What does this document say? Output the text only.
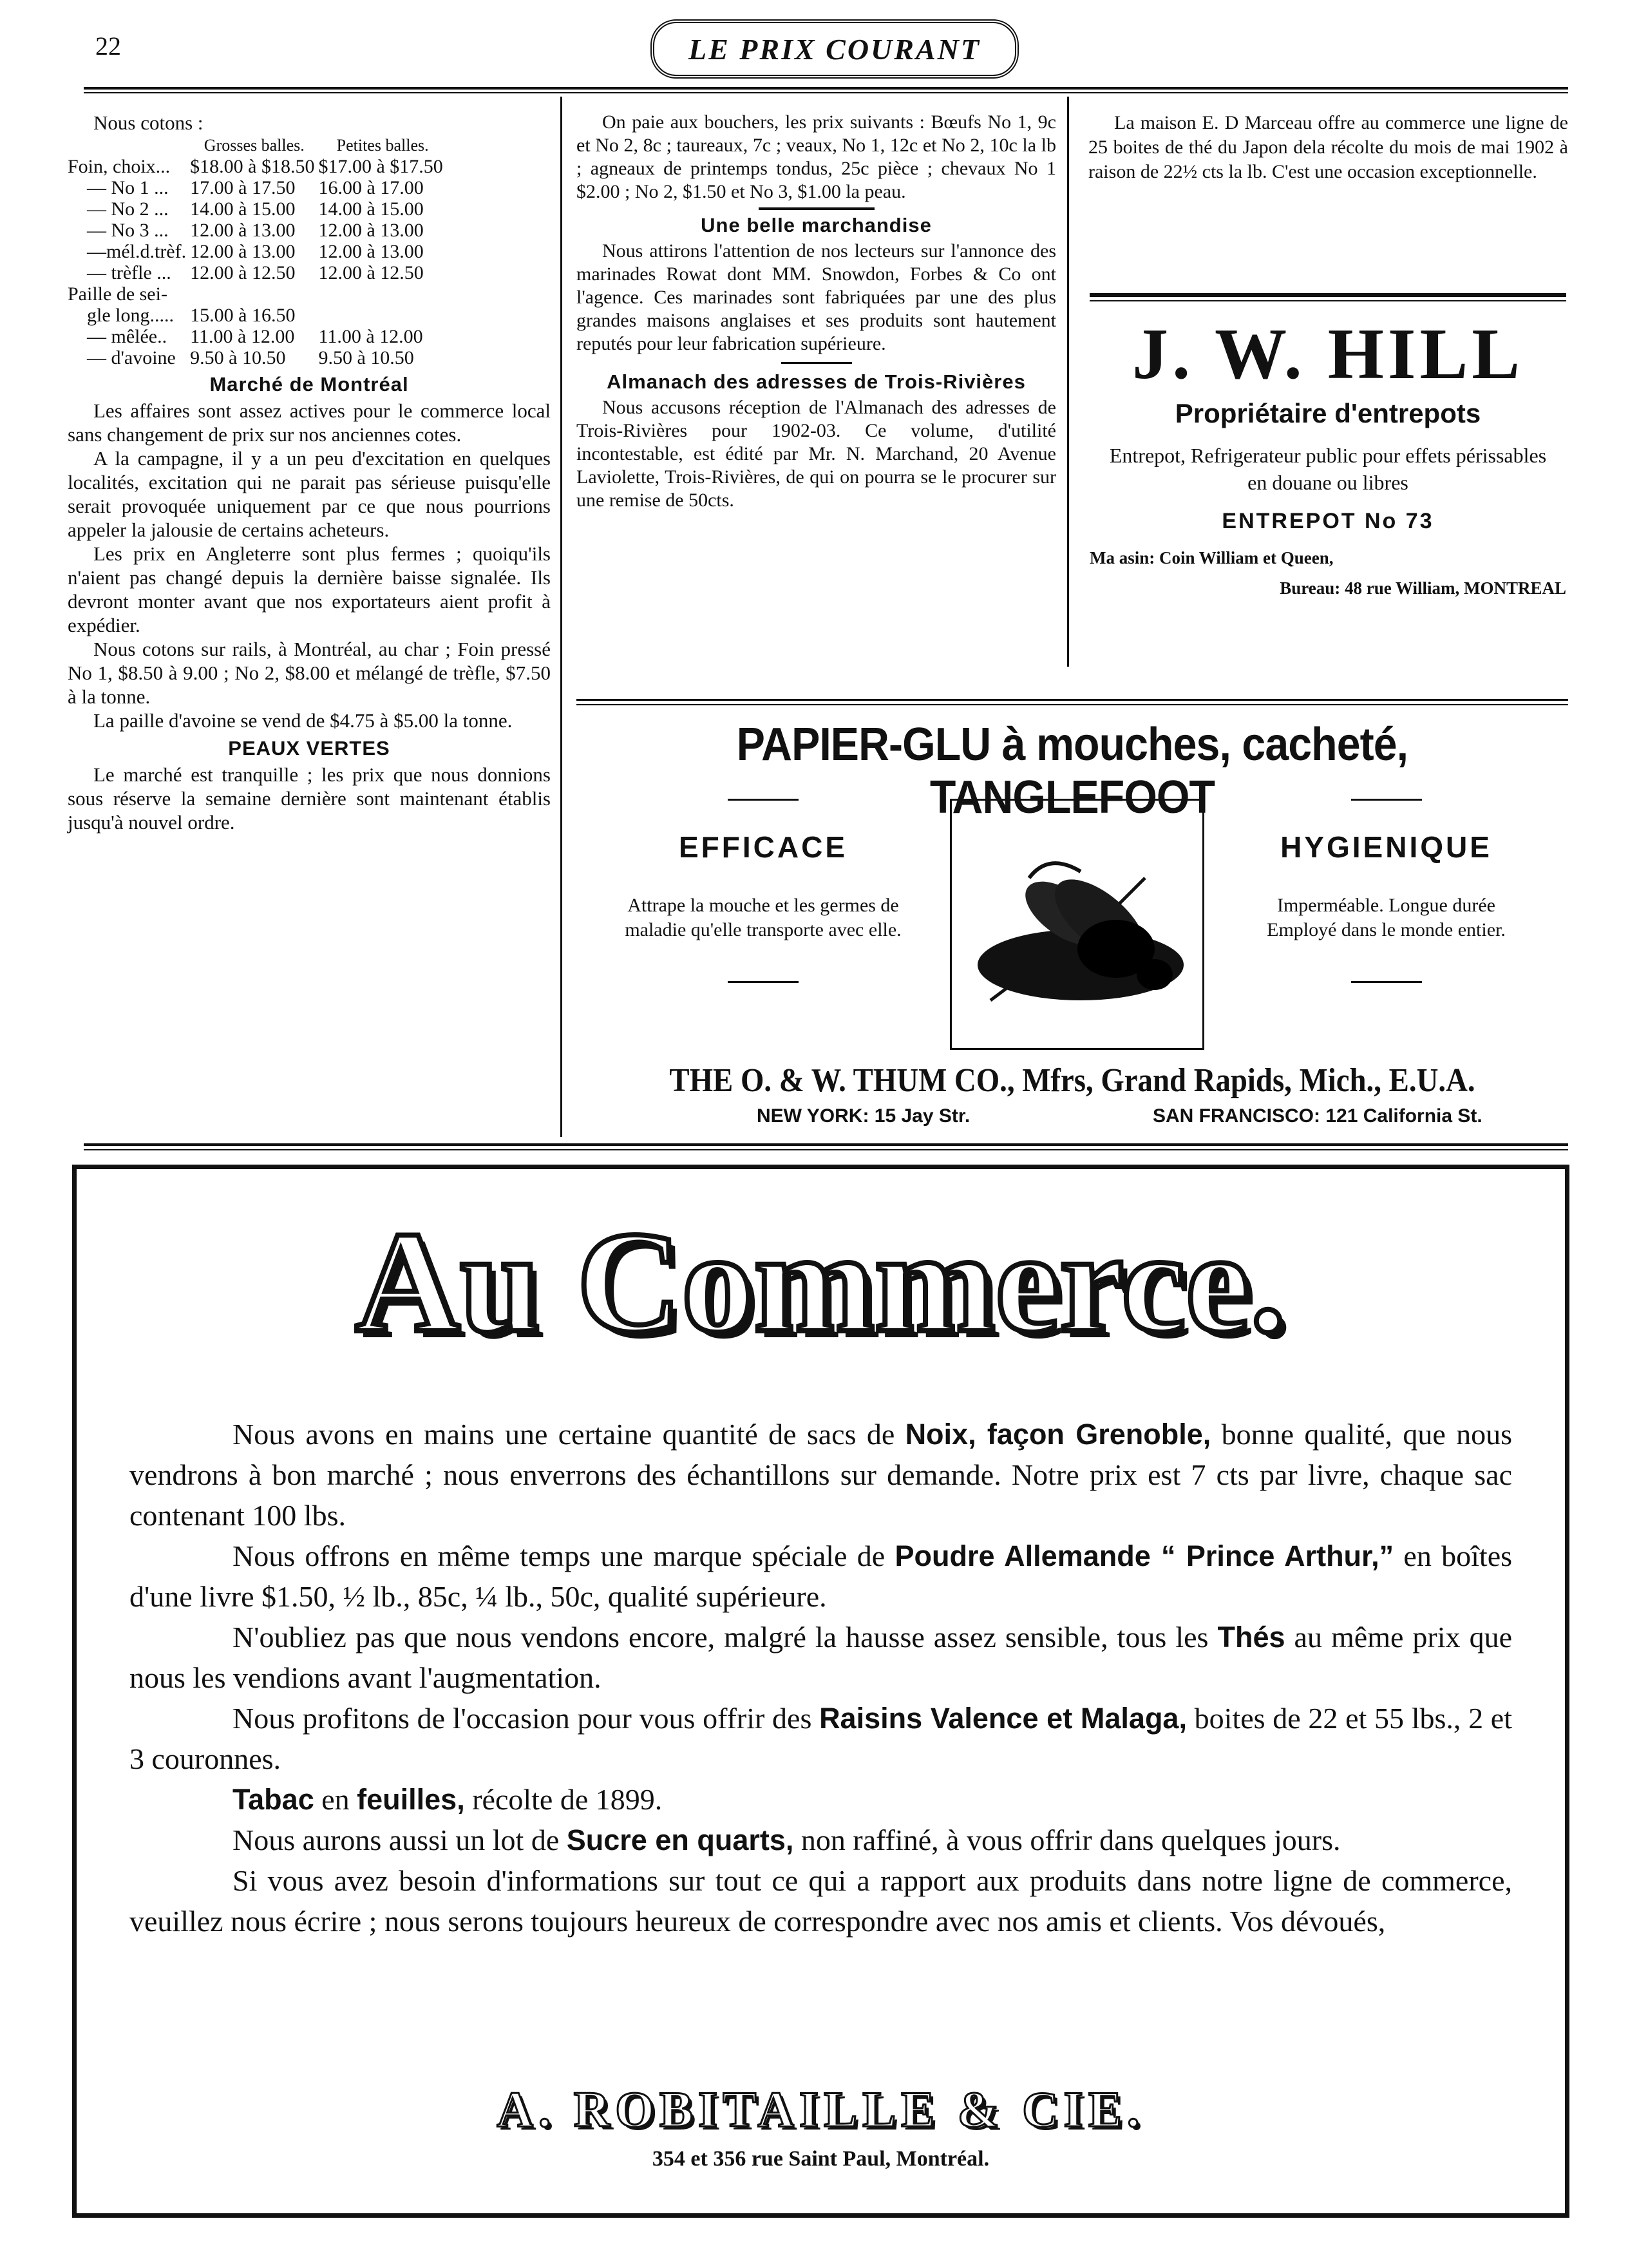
22	LE PRIX COURANT
Nous cotons :
	Grosses balles.	Petites balles.
Foin, choix...	$18.00 à $18.50	$17.00 à $17.50
— No 1 ...	17.00 à 17.50	16.00 à 17.00
— No 2 ...	14.00 à 15.00	14.00 à 15.00
— No 3 ...	12.00 à 13.00	12.00 à 13.00
—mél.d.trèf.	12.00 à 13.00	12.00 à 13.00
— trèfle ...	12.00 à 12.50	12.00 à 12.50
Paille de sei-		
gle long.....	15.00 à 16.50	
— mêlée..	11.00 à 12.00	11.00 à 12.00
— d'avoine	9.50 à 10.50	9.50 à 10.50
Marché de Montréal

Les affaires sont assez actives pour le commerce local sans changement de prix sur nos anciennes cotes.

A la campagne, il y a un peu d'excitation en quelques localités, excitation qui ne parait pas sérieuse puisqu'elle serait provoquée uniquement par ce que nous pourrions appeler la jalousie de certains acheteurs.

Les prix en Angleterre sont plus fermes ; quoiqu'ils n'aient pas changé depuis la dernière baisse signalée. Ils devront monter avant que nos exportateurs aient profit à expédier.

Nous cotons sur rails, à Montréal, au char ; Foin pressé No 1, $8.50 à 9.00 ; No 2, $8.00 et mélangé de trèfle, $7.50 à la tonne.

La paille d'avoine se vend de $4.75 à $5.00 la tonne.

PEAUX VERTES

Le marché est tranquille ; les prix que nous donnions sous réserve la semaine dernière sont maintenant établis jusqu'à nouvel ordre.

On paie aux bouchers, les prix suivants : Bœufs No 1, 9c et No 2, 8c ; taureaux, 7c ; veaux, No 1, 12c et No 2, 10c la lb ; agneaux de printemps tondus, 25c pièce ; chevaux No 1 $2.00 ; No 2, $1.50 et No 3, $1.00 la peau.

Une belle marchandise

Nous attirons l'attention de nos lecteurs sur l'annonce des marinades Rowat dont MM. Snowdon, Forbes & Co ont l'agence. Ces marinades sont fabriquées par une des plus grandes maisons anglaises et ses produits sont hautement reputés pour leur fabrication supérieure.

Almanach des adresses de Trois-Rivières

Nous accusons réception de l'Almanach des adresses de Trois-Rivières pour 1902-03. Ce volume, d'utilité incontestable, est édité par Mr. N. Marchand, 20 Avenue Laviolette, Trois-Rivières, de qui on pourra se le procurer sur une remise de 50cts.

La maison E. D Marceau offre au commerce une ligne de 25 boites de thé du Japon dela récolte du mois de mai 1902 à raison de 22½ cts la lb. C'est une occasion exceptionnelle.

J. W. HILL
Propriétaire d'entrepots
Entrepot, Refrigerateur public pour effets périssables en douane ou libres
ENTREPOT No 73
Ma asin: Coin William et Queen,
Bureau: 48 rue William, MONTREAL
PAPIER-GLU à mouches, cacheté, TANGLEFOOT
EFFICACE
Attrape la mouche et les germes de maladie qu'elle transporte avec elle.
HYGIENIQUE
Imperméable. Longue durée
Employé dans le monde entier.
THE O. & W. THUM CO., Mfrs, Grand Rapids, Mich., E.U.A.
NEW YORK: 15 Jay Str.	SAN FRANCISCO: 121 California St.
Au Commerce.

Nous avons en mains une certaine quantité de sacs de Noix, façon Grenoble, bonne qualité, que nous vendrons à bon marché ; nous enverrons des échantillons sur demande. Notre prix est 7 cts par livre, chaque sac contenant 100 lbs.

Nous offrons en même temps une marque spéciale de Poudre Allemande “ Prince Arthur,” en boîtes d'une livre $1.50, ½ lb., 85c, ¼ lb., 50c, qualité supérieure.

N'oubliez pas que nous vendons encore, malgré la hausse assez sensible, tous les Thés au même prix que nous les vendions avant l'augmentation.

Nous profitons de l'occasion pour vous offrir des Raisins Valence et Malaga, boites de 22 et 55 lbs., 2 et 3 couronnes.

Tabac en feuilles, récolte de 1899.

Nous aurons aussi un lot de Sucre en quarts, non raffiné, à vous offrir dans quelques jours.

Si vous avez besoin d'informations sur tout ce qui a rapport aux produits dans notre ligne de commerce, veuillez nous écrire ; nous serons toujours heureux de correspondre avec nos amis et clients. Vos dévoués,

A. ROBITAILLE & CIE.
354 et 356 rue Saint Paul, Montréal.
